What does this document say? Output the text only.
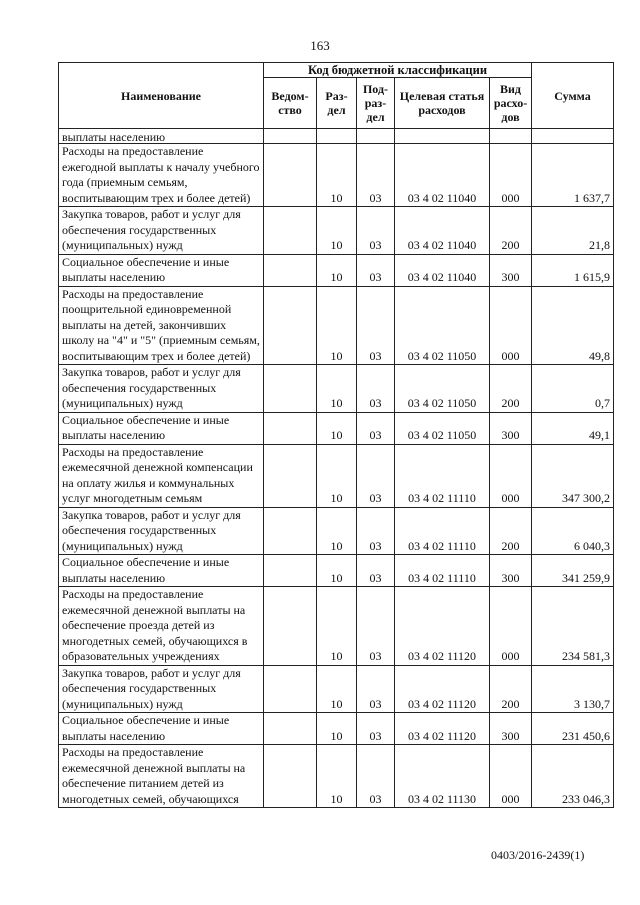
163
Наименование	Код бюджетной классификации					Сумма
	Ведом-ство	Раз-дел	Под-раз-дел	Целевая статья расходов	Вид расхо-дов	
выплаты населению						
Расходы на предоставление ежегодной выплаты к началу учебного года (приемным семьям, воспитывающим трех и более детей)		10	03	03 4 02 11040	000	1 637,7
Закупка товаров, работ и услуг для обеспечения государственных (муниципальных) нужд		10	03	03 4 02 11040	200	21,8
Социальное обеспечение и иные выплаты населению		10	03	03 4 02 11040	300	1 615,9
Расходы на предоставление поощрительной единовременной выплаты на детей, закончивших школу на "4" и "5" (приемным семьям, воспитывающим трех и более детей)		10	03	03 4 02 11050	000	49,8
Закупка товаров, работ и услуг для обеспечения государственных (муниципальных) нужд		10	03	03 4 02 11050	200	0,7
Социальное обеспечение и иные выплаты населению		10	03	03 4 02 11050	300	49,1
Расходы на предоставление ежемесячной денежной компенсации на оплату жилья и коммунальных услуг многодетным семьям		10	03	03 4 02 11110	000	347 300,2
Закупка товаров, работ и услуг для обеспечения государственных (муниципальных) нужд		10	03	03 4 02 11110	200	6 040,3
Социальное обеспечение и иные выплаты населению		10	03	03 4 02 11110	300	341 259,9
Расходы на предоставление ежемесячной денежной выплаты на обеспечение проезда детей из многодетных семей, обучающихся в образовательных учреждениях		10	03	03 4 02 11120	000	234 581,3
Закупка товаров, работ и услуг для обеспечения государственных (муниципальных) нужд		10	03	03 4 02 11120	200	3 130,7
Социальное обеспечение и иные выплаты населению		10	03	03 4 02 11120	300	231 450,6
Расходы на предоставление ежемесячной денежной выплаты на обеспечение питанием детей из многодетных семей, обучающихся		10	03	03 4 02 11130	000	233 046,3
0403/2016-2439(1)
